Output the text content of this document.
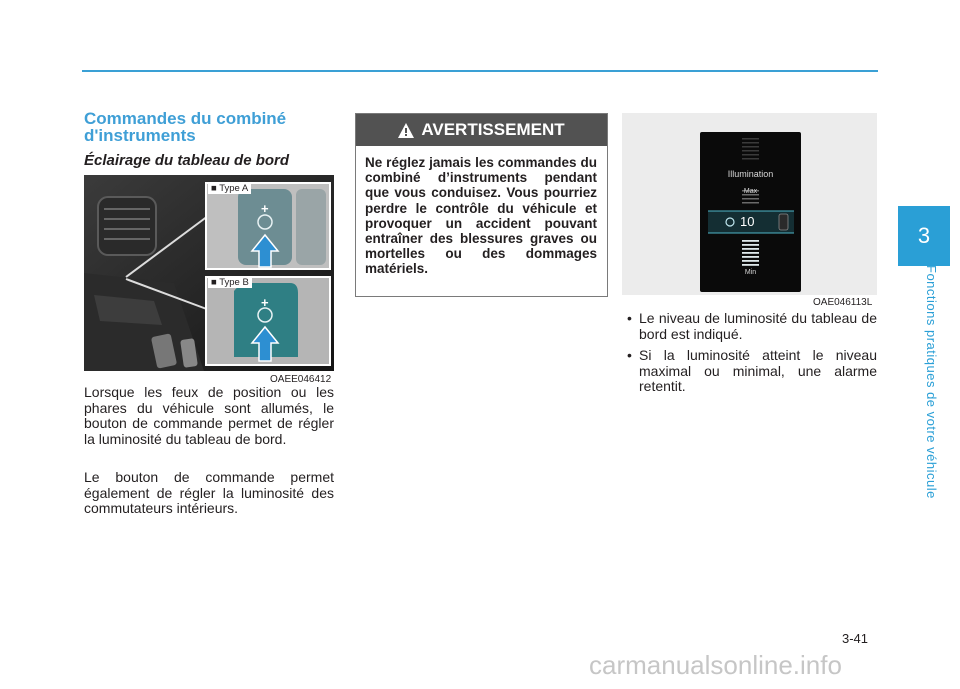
Commandes du combiné d'instruments
Éclairage du tableau de bord
■ Type A
■ Type B
+
+
OAEE046412

Lorsque les feux de position ou les phares du véhicule sont allumés, le bouton de commande permet de régler la luminosité du tableau de bord.

Le bouton de commande permet également de régler la luminosité des commutateurs intérieurs.

AVERTISSEMENT
Ne réglez jamais les commandes du combiné d’instruments pendant que vous conduisez. Vous pourriez perdre le contrôle du véhicule et provoquer un accident pouvant entraîner des blessures graves ou mortelles ou des dommages matériels.
Illumination
Max
10
Min
OAE046113L
• Le niveau de luminosité du tableau de bord est indiqué.
• Si la luminosité atteint le niveau maximal ou minimal, une alarme retentit.
3
Fonctions pratiques de votre véhicule
3-41
carmanualsonline.info
